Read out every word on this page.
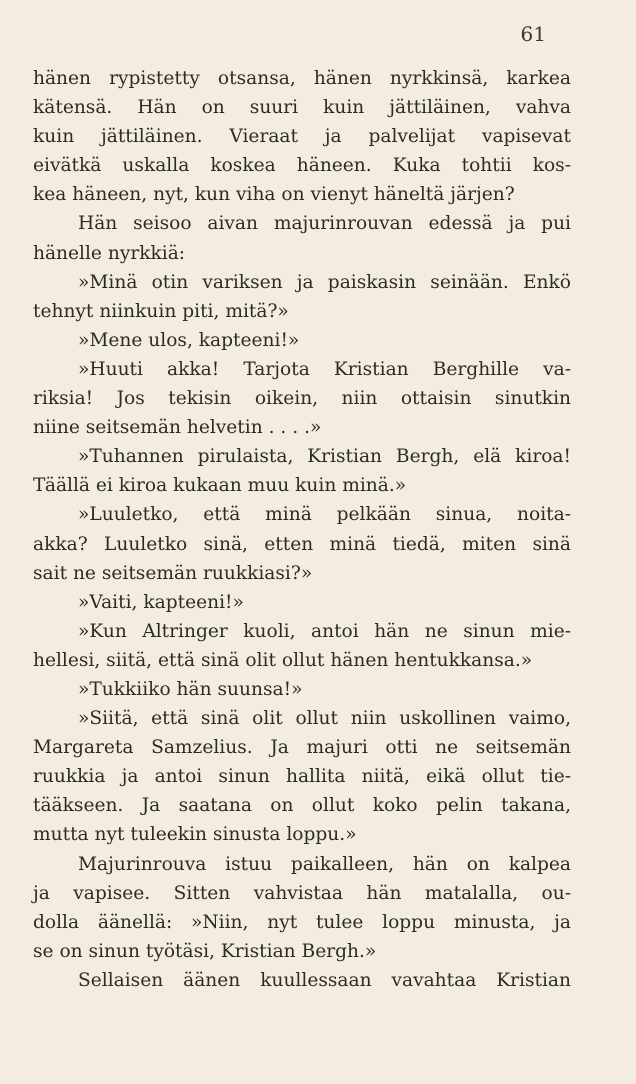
61
hänen rypistetty otsansa, hänen nyrkkinsä, karkea
kätensä. Hän on suuri kuin jättiläinen, vahva
kuin jättiläinen. Vieraat ja palvelijat vapisevat
eivätkä uskalla koskea häneen. Kuka tohtii kos-
kea häneen, nyt, kun viha on vienyt häneltä järjen?
Hän seisoo aivan majurinrouvan edessä ja pui
hänelle nyrkkiä:
»Minä otin variksen ja paiskasin seinään. Enkö
tehnyt niinkuin piti, mitä?»
»Mene ulos, kapteeni!»
»Huuti akka! Tarjota Kristian Berghille va-
riksia! Jos tekisin oikein, niin ottaisin sinutkin
niine seitsemän helvetin . . . .»
»Tuhannen pirulaista, Kristian Bergh, elä kiroa!
Täällä ei kiroa kukaan muu kuin minä.»
»Luuletko, että minä pelkään sinua, noita-
akka? Luuletko sinä, etten minä tiedä, miten sinä
sait ne seitsemän ruukkiasi?»
»Vaiti, kapteeni!»
»Kun Altringer kuoli, antoi hän ne sinun mie-
hellesi, siitä, että sinä olit ollut hänen hentukkansa.»
»Tukkiiko hän suunsa!»
»Siitä, että sinä olit ollut niin uskollinen vaimo,
Margareta Samzelius. Ja majuri otti ne seitsemän
ruukkia ja antoi sinun hallita niitä, eikä ollut tie-
tääkseen. Ja saatana on ollut koko pelin takana,
mutta nyt tuleekin sinusta loppu.»
Majurinrouva istuu paikalleen, hän on kalpea
ja vapisee. Sitten vahvistaa hän matalalla, ou-
dolla äänellä: »Niin, nyt tulee loppu minusta, ja
se on sinun työtäsi, Kristian Bergh.»
Sellaisen äänen kuullessaan vavahtaa Kristian
